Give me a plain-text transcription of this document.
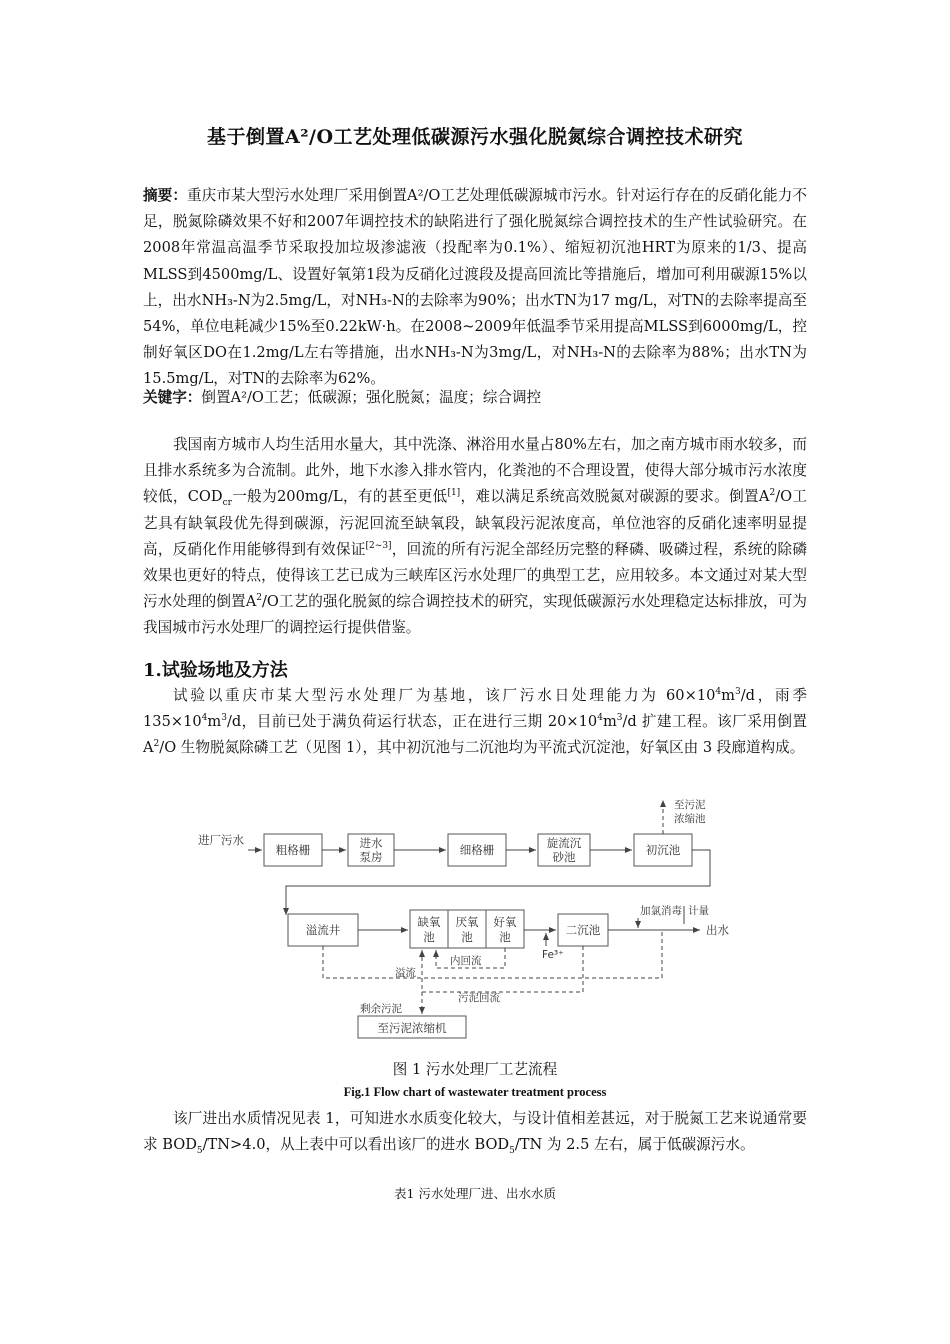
基于倒置A²/O工艺处理低碳源污水强化脱氮综合调控技术研究

摘要：重庆市某大型污水处理厂采用倒置A²/O工艺处理低碳源城市污水。针对运行存在的反硝化能力不足，脱氮除磷效果不好和2007年调控技术的缺陷进行了强化脱氮综合调控技术的生产性试验研究。在2008年常温高温季节采取投加垃圾渗滤液（投配率为0.1%）、缩短初沉池HRT为原来的1/3、提高MLSS到4500mg/L、设置好氧第1段为反硝化过渡段及提高回流比等措施后，增加可利用碳源15%以上，出水NH₃-N为2.5mg/L，对NH₃-N的去除率为90%；出水TN为17 mg/L，对TN的去除率提高至54%，单位电耗减少15%至0.22kW·h。在2008~2009年低温季节采用提高MLSS到6000mg/L，控制好氧区DO在1.2mg/L左右等措施，出水NH₃-N为3mg/L，对NH₃-N的去除率为88%；出水TN为15.5mg/L，对TN的去除率为62%。

关键字：倒置A²/O工艺；低碳源；强化脱氮；温度；综合调控

我国南方城市人均生活用水量大，其中洗涤、淋浴用水量占80%左右，加之南方城市雨水较多，而且排水系统多为合流制。此外，地下水渗入排水管内，化粪池的不合理设置，使得大部分城市污水浓度较低，$COD_{cr}$一般为200mg/L，有的甚至更低[1]，难以满足系统高效脱氮对碳源的要求。倒置$A^2/O$工艺具有缺氧段优先得到碳源，污泥回流至缺氧段，缺氧段污泥浓度高，单位池容的反硝化速率明显提高，反硝化作用能够得到有效保证[2~3]，回流的所有污泥全部经历完整的释磷、吸磷过程，系统的除磷效果也更好的特点，使得该工艺已成为三峡库区污水处理厂的典型工艺，应用较多。本文通过对某大型污水处理的倒置$A^2/O$工艺的强化脱氮的综合调控技术的研究，实现低碳源污水处理稳定达标排放，可为我国城市污水处理厂的调控运行提供借鉴。

1.试验场地及方法

试验以重庆市某大型污水处理厂为基地，该厂污水日处理能力为 $60\times 10^4m^3/d$，雨季$135\times 10^4m^3/d$，目前已处于满负荷运行状态，正在进行三期 $20\times 10^4m^3/d$ 扩建工程。该厂采用倒置 $A^2/O$ 生物脱氮除磷工艺（见图 1），其中初沉池与二沉池均为平流式沉淀池，好氧区由 3 段廊道构成。

进厂污水
粗格栅	进水
泵房	细格栅	旋流沉
砂池	初沉池
至污泥
浓缩池
溢流井
缺氧
池
厌氧
池
好氧
池	二沉池	出水
加氯消毒 计量
Fe³⁺
内回流
溢流
污泥回流
剩余污泥
至污泥浓缩机
图 1 污水处理厂工艺流程
Fig.1 Flow chart of wastewater treatment process

该厂进出水质情况见表 1，可知进水水质变化较大，与设计值相差甚远，对于脱氮工艺来说通常要求 $BOD_5/TN>4.0$，从上表中可以看出该厂的进水 $BOD_5/TN$ 为 2.5 左右，属于低碳源污水。

表1 污水处理厂进、出水水质
